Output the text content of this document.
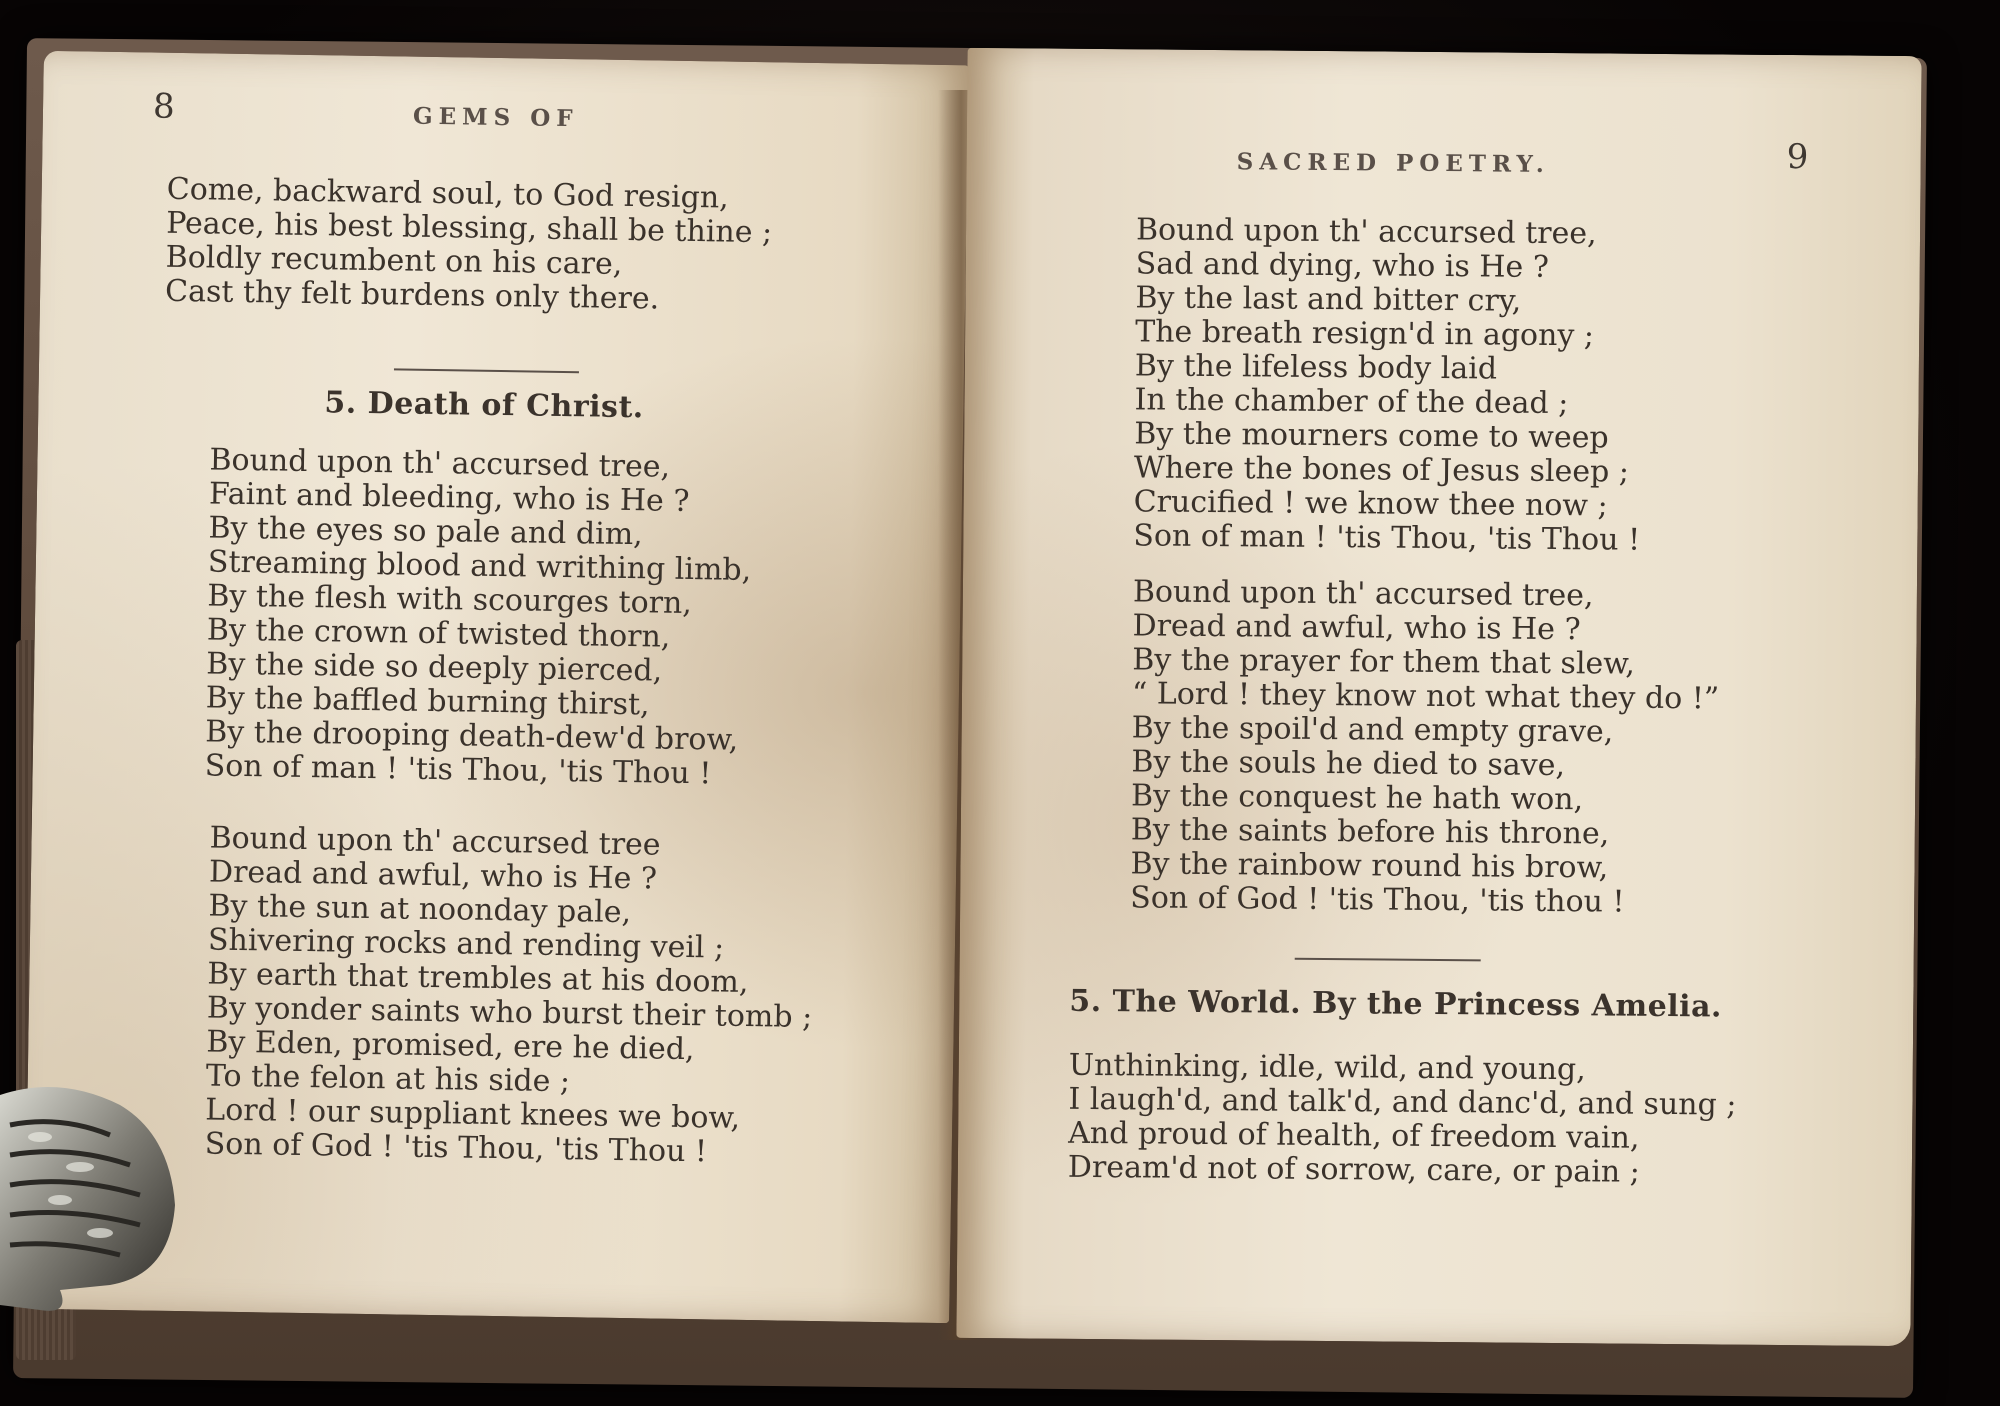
8	GEMS OF
Come, backward soul, to God resign,
Peace, his best blessing, shall be thine ;
Boldly recumbent on his care,
Cast thy felt burdens only there.
5. Death of Christ.
Bound upon th' accursed tree,
Faint and bleeding, who is He ?
By the eyes so pale and dim,
Streaming blood and writhing limb,
By the flesh with scourges torn,
By the crown of twisted thorn,
By the side so deeply pierced,
By the baffled burning thirst,
By the drooping death-dew'd brow,
Son of man ! 'tis Thou, 'tis Thou !
Bound upon th' accursed tree
Dread and awful, who is He ?
By the sun at noonday pale,
Shivering rocks and rending veil ;
By earth that trembles at his doom,
By yonder saints who burst their tomb ;
By Eden, promised, ere he died,
To the felon at his side ;
Lord ! our suppliant knees we bow,
Son of God ! 'tis Thou, 'tis Thou !
SACRED POETRY.	9
Bound upon th' accursed tree,
Sad and dying, who is He ?
By the last and bitter cry,
The breath resign'd in agony ;
By the lifeless body laid
In the chamber of the dead ;
By the mourners come to weep
Where the bones of Jesus sleep ;
Crucified ! we know thee now ;
Son of man ! 'tis Thou, 'tis Thou !
Bound upon th' accursed tree,
Dread and awful, who is He ?
By the prayer for them that slew,
“ Lord ! they know not what they do !”
By the spoil'd and empty grave,
By the souls he died to save,
By the conquest he hath won,
By the saints before his throne,
By the rainbow round his brow,
Son of God ! 'tis Thou, 'tis thou !
5. The World. By the Princess Amelia.
Unthinking, idle, wild, and young,
I laugh'd, and talk'd, and danc'd, and sung ;
And proud of health, of freedom vain,
Dream'd not of sorrow, care, or pain ;
